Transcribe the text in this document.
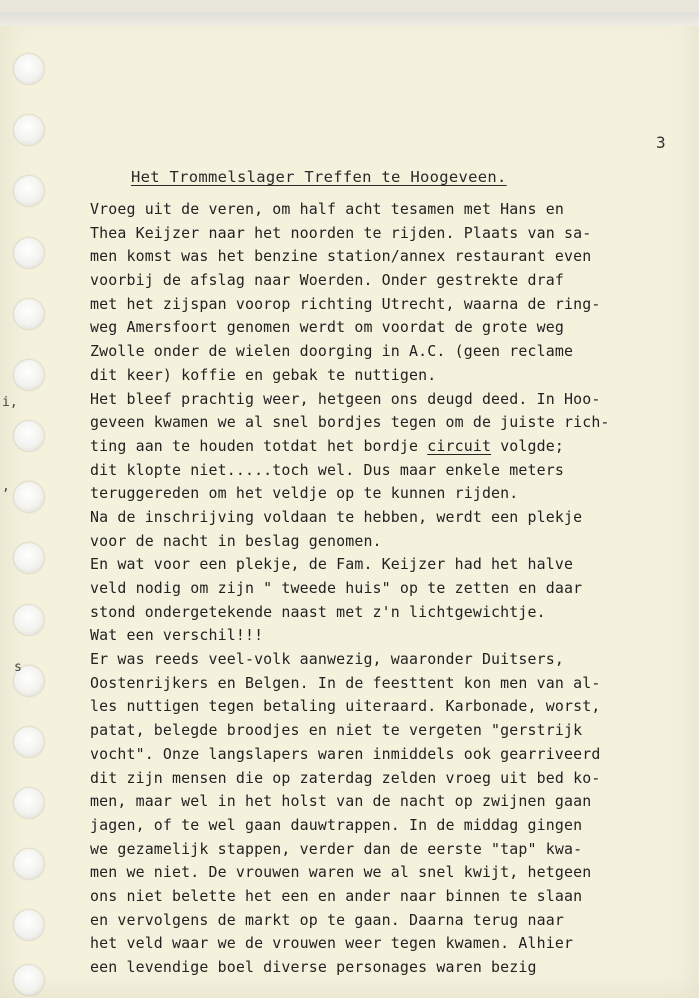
i,
,
s
3
Het Trommelslager Treffen te Hoogeveen.
Vroeg uit de veren, om half acht tesamen met Hans en
Thea Keijzer naar het noorden te rijden. Plaats van sa-
men komst was het benzine station/annex restaurant even
voorbij de afslag naar Woerden. Onder gestrekte draf
met het zijspan voorop richting Utrecht, waarna de ring-
weg Amersfoort genomen werdt om voordat de grote weg
Zwolle onder de wielen doorging in A.C. (geen reclame
dit keer) koffie en gebak te nuttigen.
Het bleef prachtig weer, hetgeen ons deugd deed. In Hoo-
geveen kwamen we al snel bordjes tegen om de juiste rich-
ting aan te houden totdat het bordje circuit volgde;
dit klopte niet.....toch wel. Dus maar enkele meters
teruggereden om het veldje op te kunnen rijden.
Na de inschrijving voldaan te hebben, werdt een plekje
voor de nacht in beslag genomen.
En wat voor een plekje, de Fam. Keijzer had het halve
veld nodig om zijn " tweede huis" op te zetten en daar
stond ondergetekende naast met z'n lichtgewichtje.
Wat een verschil!!!
Er was reeds veel-volk aanwezig, waaronder Duitsers,
Oostenrijkers en Belgen. In de feesttent kon men van al-
les nuttigen tegen betaling uiteraard. Karbonade, worst,
patat, belegde broodjes en niet te vergeten "gerstrijk
vocht". Onze langslapers waren inmiddels ook gearriveerd
dit zijn mensen die op zaterdag zelden vroeg uit bed ko-
men, maar wel in het holst van de nacht op zwijnen gaan
jagen, of te wel gaan dauwtrappen. In de middag gingen
we gezamelijk stappen, verder dan de eerste "tap" kwa-
men we niet. De vrouwen waren we al snel kwijt, hetgeen
ons niet belette het een en ander naar binnen te slaan
en vervolgens de markt op te gaan. Daarna terug naar
het veld waar we de vrouwen weer tegen kwamen. Alhier
een levendige boel diverse personages waren bezig
